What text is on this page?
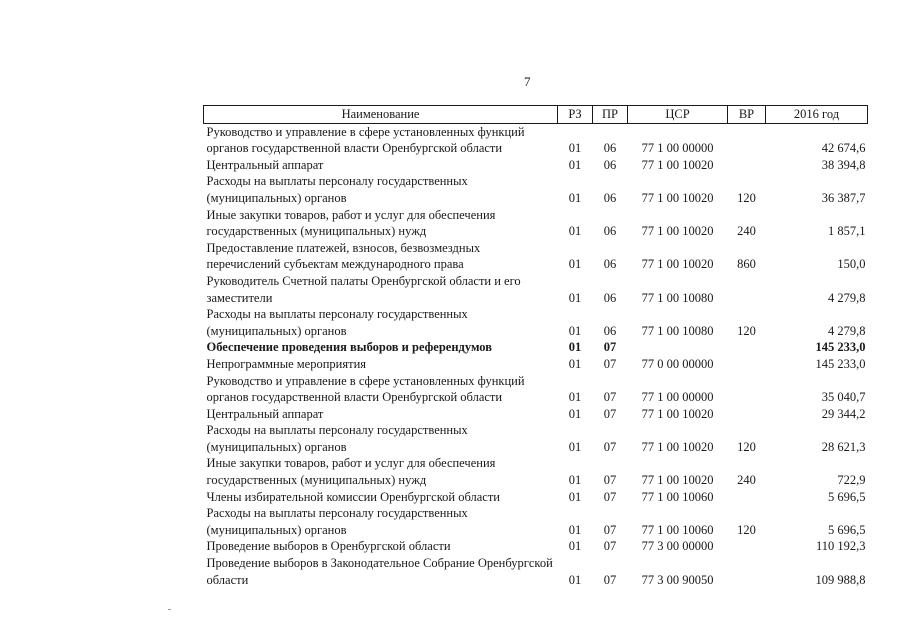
7
Наименование	РЗ	ПР	ЦСР	ВР	2016 год
Руководство и управление в сфере установленных функций органов государственной власти Оренбургской области	01	06	77 1 00 00000		42 674,6
Центральный аппарат	01	06	77 1 00 10020		38 394,8
Расходы на выплаты персоналу государственных (муниципальных) органов	01	06	77 1 00 10020	120	36 387,7
Иные закупки товаров, работ и услуг для обеспечения государственных (муниципальных) нужд	01	06	77 1 00 10020	240	1 857,1
Предоставление платежей, взносов, безвозмездных перечислений субъектам международного права	01	06	77 1 00 10020	860	150,0
Руководитель Счетной палаты Оренбургской области и его заместители	01	06	77 1 00 10080		4 279,8
Расходы на выплаты персоналу государственных (муниципальных) органов	01	06	77 1 00 10080	120	4 279,8
Обеспечение проведения выборов и референдумов	01	07			145 233,0
Непрограммные мероприятия	01	07	77 0 00 00000		145 233,0
Руководство и управление в сфере установленных функций органов государственной власти Оренбургской области	01	07	77 1 00 00000		35 040,7
Центральный аппарат	01	07	77 1 00 10020		29 344,2
Расходы на выплаты персоналу государственных (муниципальных) органов	01	07	77 1 00 10020	120	28 621,3
Иные закупки товаров, работ и услуг для обеспечения государственных (муниципальных) нужд	01	07	77 1 00 10020	240	722,9
Члены избирательной комиссии Оренбургской области	01	07	77 1 00 10060		5 696,5
Расходы на выплаты персоналу государственных (муниципальных) органов	01	07	77 1 00 10060	120	5 696,5
Проведение выборов в Оренбургской области	01	07	77 3 00 00000		110 192,3
Проведение выборов в Законодательное Собрание Оренбургской области	01	07	77 3 00 90050		109 988,8
